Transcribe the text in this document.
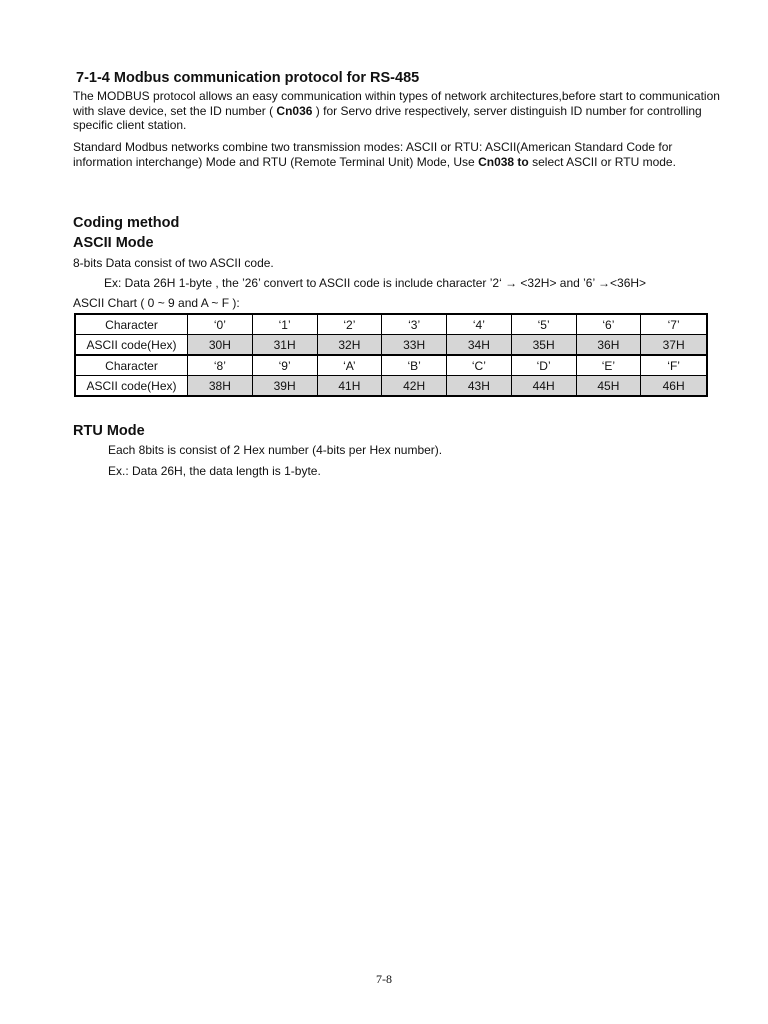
7-1-4 Modbus communication protocol for RS-485

The MODBUS protocol allows an easy communication within types of network architectures,before start to communication with slave device, set the ID number ( Cn036 ) for Servo drive respectively, server distinguish ID number for controlling specific client station.

Standard Modbus networks combine two transmission modes: ASCII or RTU: ASCII(American Standard Code for information interchange) Mode and RTU (Remote Terminal Unit) Mode, Use Cn038 to select ASCII or RTU mode.

Coding method
ASCII Mode

8-bits Data consist of two ASCII code.

Ex: Data 26H 1-byte , the ’26’ convert to ASCII code is include character ’2‘ → <32H> and ’6’ →<36H>

ASCII Chart ( 0 ~ 9 and A ~ F ):

Character	‘0’	‘1’	‘2’	‘3’	‘4’	‘5’	‘6’	‘7’
ASCII code(Hex)	30H	31H	32H	33H	34H	35H	36H	37H
Character	‘8’	‘9’	‘A’	‘B’	‘C’	‘D’	‘E’	‘F’
ASCII code(Hex)	38H	39H	41H	42H	43H	44H	45H	46H
RTU Mode

Each 8bits is consist of 2 Hex number (4-bits per Hex number).

Ex.: Data 26H, the data length is 1-byte.

7-8
